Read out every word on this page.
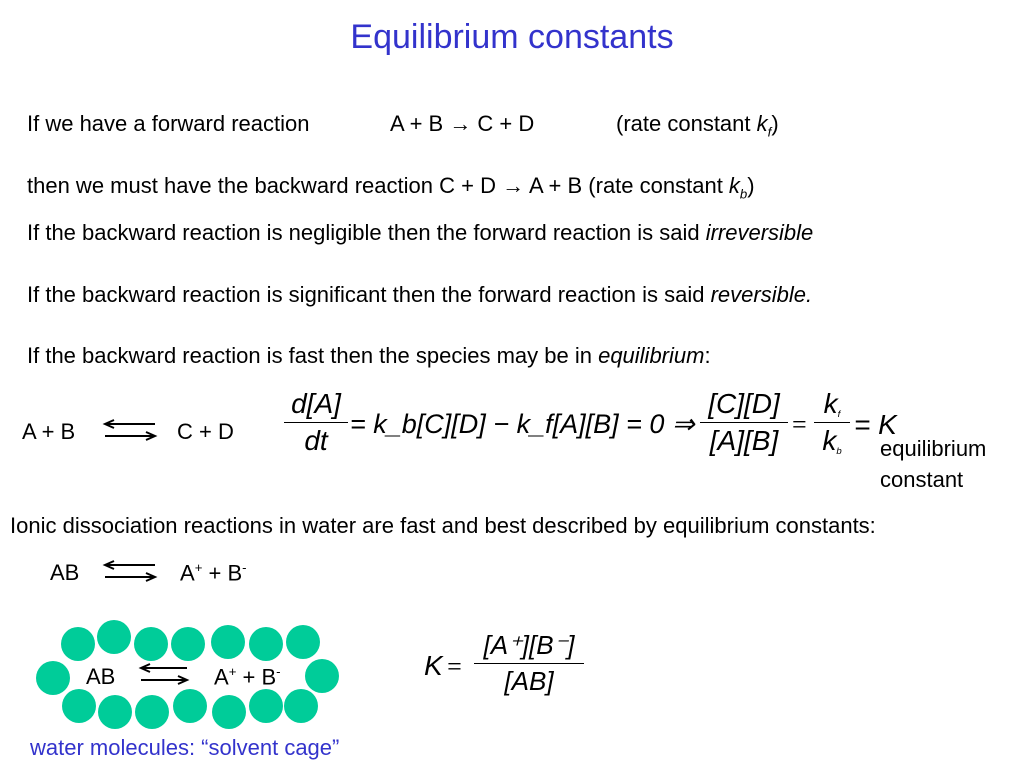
Equilibrium constants
If we have a forward reaction	A + B → C + D	(rate constant $k_f$)
then we must have the backward reaction C + D → A + B (rate constant $k_b$)
If the backward reaction is negligible then the forward reaction is said irreversible
If the backward reaction is significant then the forward reaction is said reversible.
If the backward reaction is fast then the species may be in equilibrium:
A + B ⇌ C + D
d[A]
dt
= k_b[C][D] − k_f[A][B] = 0 ⇒
[C][D]
[A][B]
=
$k_f$
$k_b$
= K
equilibrium
constant
Ionic dissociation reactions in water are fast and best described by equilibrium constants:
AB ⇌ A+ + B-
AB ⇌ A+ + B-	K =
[A⁺][B⁻]
[AB]
water molecules: “solvent cage”
